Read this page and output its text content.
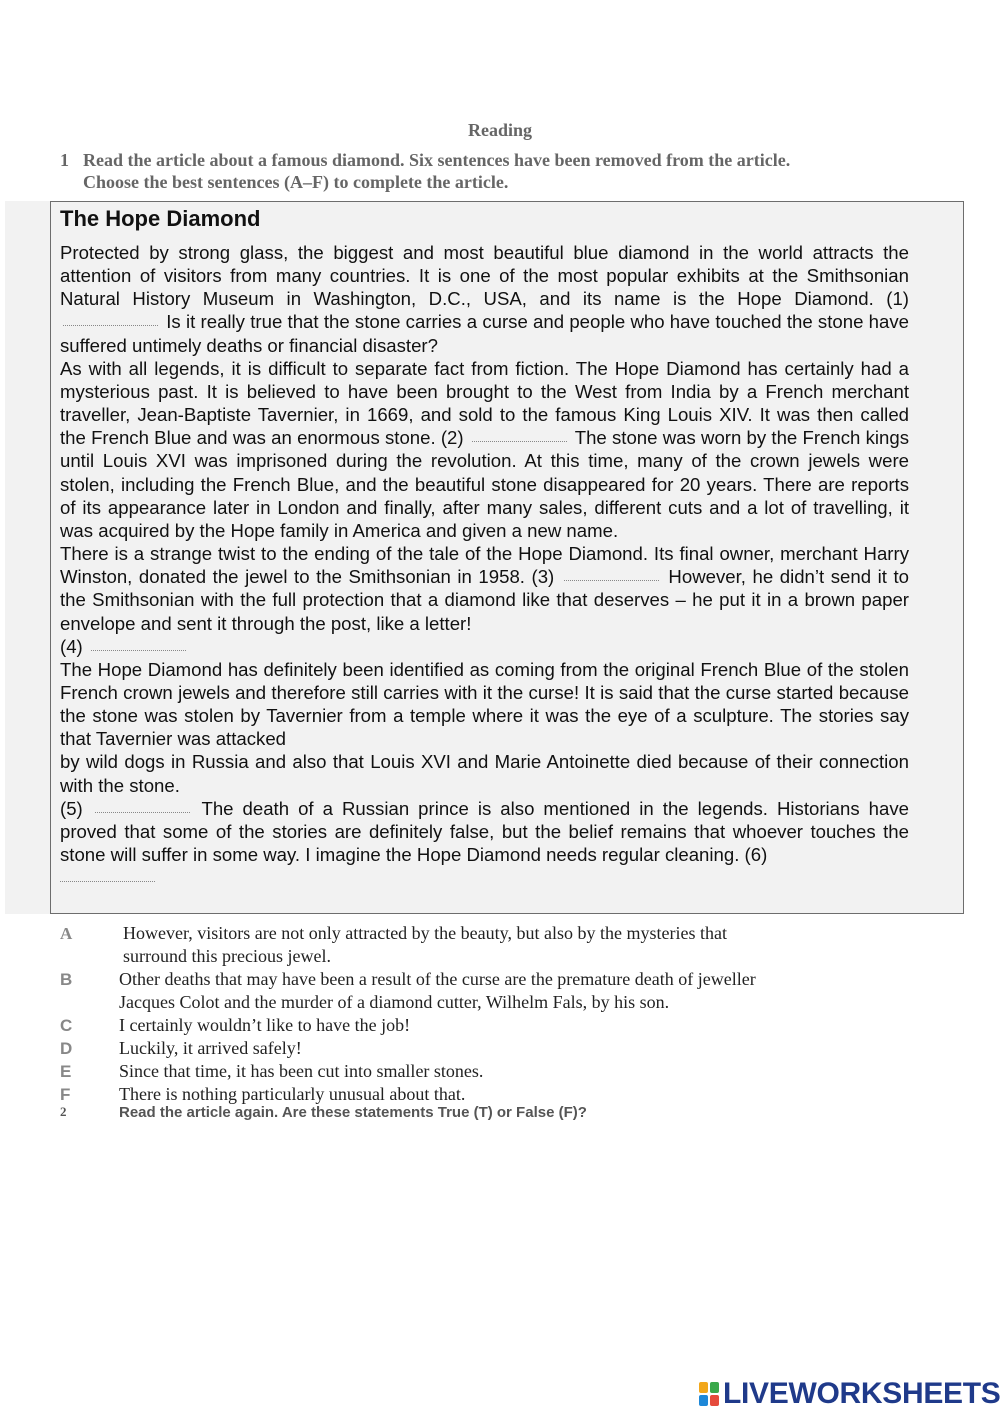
Reading
1 Read the article about a famous diamond. Six sentences have been removed from the article.
Choose the best sentences (A–F) to complete the article.
The Hope Diamond

Protected by strong glass, the biggest and most beautiful blue diamond in the world attracts the attention of visitors from many countries. It is one of the most popular exhibits at the Smithsonian Natural History Museum in Washington, D.C., USA, and its name is the Hope Diamond. (1)  Is it really true that the stone carries a curse and people who have touched the stone have suffered untimely deaths or financial disaster?

As with all legends, it is difficult to separate fact from fiction. The Hope Diamond has certainly had a mysterious past. It is believed to have been brought to the West from India by a French merchant traveller, Jean-Baptiste Tavernier, in 1669, and sold to the famous King Louis XIV. It was then called the French Blue and was an enormous stone. (2)	The stone was worn by the French kings until Louis XVI was imprisoned during the revolution. At this time, many of the crown jewels were stolen, including the French Blue, and the beautiful stone disappeared for 20 years. There are reports of its appearance later in London and finally, after many sales, different cuts and a lot of travelling, it was acquired by the Hope family in America and given a new name.

There is a strange twist to the ending of the tale of the Hope Diamond. Its final owner, merchant Harry Winston, donated the jewel to the Smithsonian in 1958. (3)	However, he didn’t send it to the Smithsonian with the full protection that a diamond like that deserves – he put it in a brown paper envelope and sent it through the post, like a letter!
(4)

The Hope Diamond has definitely been identified as coming from the original French Blue of the stolen French crown jewels and therefore still carries with it the curse! It is said that the curse started because the stone was stolen by Tavernier from a temple where it was the eye of a sculpture. The stories say that Tavernier was attacked
by wild dogs in Russia and also that Louis XVI and Marie Antoinette died because of their connection with the stone.
(5)	The death of a Russian prince is also mentioned in the legends. Historians have proved that some of the stories are definitely false, but the belief remains that whoever touches the stone will suffer in some way. I imagine the Hope Diamond needs regular cleaning. (6)

A	However, visitors are not only attracted by the beauty, but also by the mysteries that
surround this precious jewel.
B	Other deaths that may have been a result of the curse are the premature death of jeweller
Jacques Colot and the murder of a diamond cutter, Wilhelm Fals, by his son.
C	I certainly wouldn’t like to have the job!
D	Luckily, it arrived safely!
E	Since that time, it has been cut into smaller stones.
F	There is nothing particularly unusual about that.
2	Read the article again. Are these statements True (T) or False (F)?
LIVEWORKSHEETS
